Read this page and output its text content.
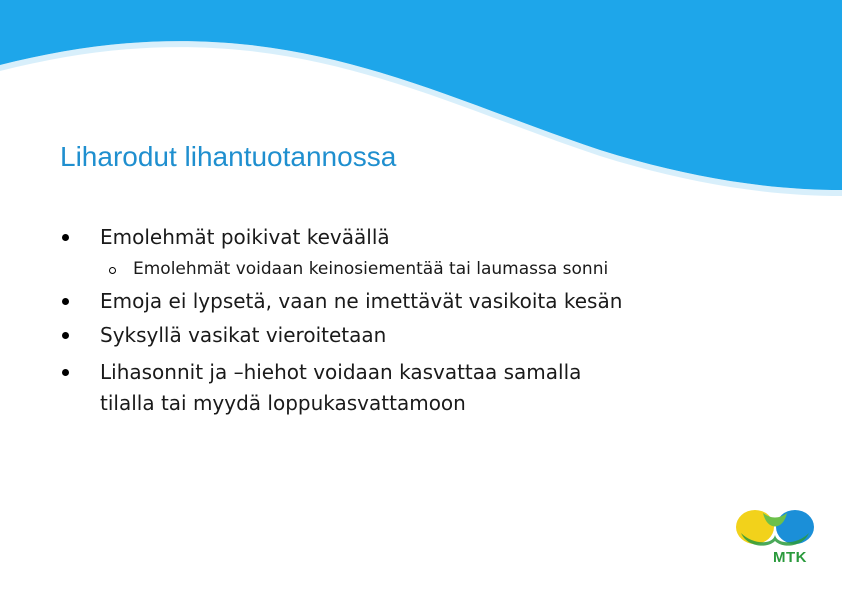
Liharodut lihantuotannossa
Emolehmät poikivat keväällä
Emolehmät voidaan keinosiementää tai laumassa sonni
Emoja ei lypsetä, vaan ne imettävät vasikoita kesän
Syksyllä vasikat vieroitetaan
Lihasonnit ja –hiehot voidaan kasvattaa samalla
tilalla tai myydä loppukasvattamoon
MTK
